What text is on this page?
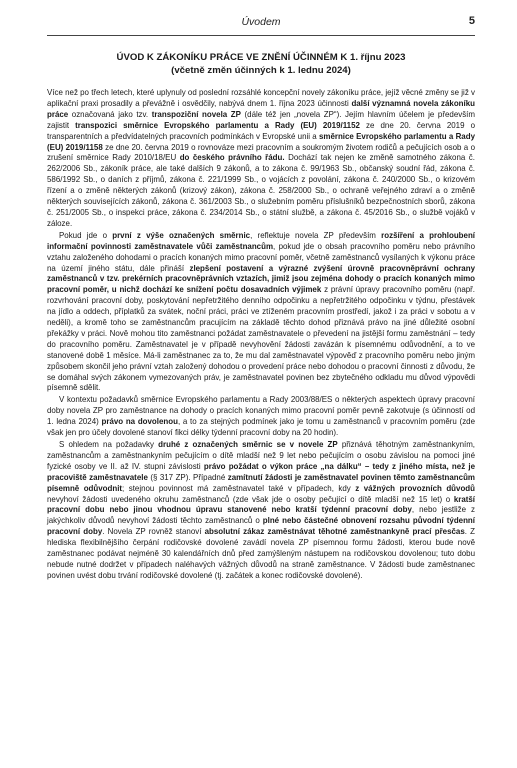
Úvodem	5
ÚVOD K ZÁKONÍKU PRÁCE VE ZNĚNÍ ÚČINNÉM K 1. říjnu 2023
(včetně změn účinných k 1. lednu 2024)

Více než po třech letech, které uplynuly od poslední rozsáhlé koncepční novely zákoníku práce, jejíž věcné změny se již v aplikační praxi prosadily a převážně i osvědčily, nabývá dnem 1. října 2023 účinnosti další významná novela zákoníku práce označovaná jako tzv. transpoziční novela ZP (dále též jen „novela ZP“). Jejím hlavním účelem je především zajistit transpozici směrnice Evropského parlamentu a Rady (EU) 2019/1152 ze dne 20. června 2019 o transparentních a předvídatelných pracovních podmínkách v Evropské unii a směrnice Evropského parlamentu a Rady (EU) 2019/1158 ze dne 20. června 2019 o rovnováze mezi pracovním a soukromým životem rodičů a pečujících osob a o zrušení směrnice Rady 2010/18/EU do českého právního řádu. Dochází tak nejen ke změně samotného zákona č. 262/2006 Sb., zákoník práce, ale také dalších 9 zákonů, a to zákona č. 99/1963 Sb., občanský soudní řád, zákona č. 586/1992 Sb., o daních z příjmů, zákona č. 221/1999 Sb., o vojácích z povolání, zákona č. 240/2000 Sb., o krizovém řízení a o změně některých zákonů (krizový zákon), zákona č. 258/2000 Sb., o ochraně veřejného zdraví a o změně některých souvisejících zákonů, zákona č. 361/2003 Sb., o služebním poměru příslušníků bezpečnostních sborů, zákona č. 251/2005 Sb., o inspekci práce, zákona č. 234/2014 Sb., o státní službě, a zákona č. 45/2016 Sb., o službě vojáků v záloze.

Pokud jde o první z výše označených směrnic, reflektuje novela ZP především rozšíření a prohloubení informační povinnosti zaměstnavatele vůči zaměstnancům, pokud jde o obsah pracovního poměru nebo právního vztahu založeného dohodami o pracích konaných mimo pracovní poměr, včetně zaměstnanců vysílaných k výkonu práce na území jiného státu, dále přináší zlepšení postavení a výrazné zvýšení úrovně pracovněprávní ochrany zaměstnanců v tzv. prekérních pracovněprávních vztazích, jimiž jsou zejména dohody o pracích konaných mimo pracovní poměr, u nichž dochází ke snížení počtu dosavadních výjimek z právní úpravy pracovního poměru (např. rozvrhování pracovní doby, poskytování nepřetržitého denního odpočinku a nepřetržitého odpočinku v týdnu, přestávek na jídlo a oddech, příplatků za svátek, noční práci, práci ve ztíženém pracovním prostředí, jakož i za práci v sobotu a v neděli), a kromě toho se zaměstnancům pracujícím na základě těchto dohod přiznává právo na jiné důležité osobní překážky v práci. Nově mohou tito zaměstnanci požádat zaměstnavatele o převedení na jistější formu zaměstnání – tedy do pracovního poměru. Zaměstnavatel je v případě nevyhovění žádosti zavázán k písemnému odůvodnění, a to ve stanovené době 1 měsíce. Má-li zaměstnanec za to, že mu dal zaměstnavatel výpověď z pracovního poměru nebo jiným způsobem skončil jeho právní vztah založený dohodou o provedení práce nebo dohodou o pracovní činnosti z důvodu, že se domáhal svých zákonem vymezovaných práv, je zaměstnavatel povinen bez zbytečného odkladu mu důvod výpovědi písemně sdělit.

V kontextu požadavků směrnice Evropského parlamentu a Rady 2003/88/ES o některých aspektech úpravy pracovní doby novela ZP pro zaměstnance na dohody o pracích konaných mimo pracovní poměr pevně zakotvuje (s účinností od 1. ledna 2024) právo na dovolenou, a to za stejných podmínek jako je tomu u zaměstnanců v pracovním poměru (zde však jen pro účely dovolené stanoví fikci délky týdenní pracovní doby na 20 hodin).

S ohledem na požadavky druhé z označených směrnic se v novele ZP přiznává těhotným zaměstnankyním, zaměstnancům a zaměstnankyním pečujícím o dítě mladší než 9 let nebo pečujícím o osobu závislou na pomoci jiné fyzické osoby ve II. až IV. stupni závislosti právo požádat o výkon práce „na dálku“ – tedy z jiného místa, než je pracoviště zaměstnavatele (§ 317 ZP). Případné zamítnutí žádosti je zaměstnavatel povinen těmto zaměstnancům písemně odůvodnit; stejnou povinnost má zaměstnavatel také v případech, kdy z vážných provozních důvodů nevyhoví žádosti uvedeného okruhu zaměstnanců (zde však jde o osoby pečující o dítě mladší než 15 let) o kratší pracovní dobu nebo jinou vhodnou úpravu stanovené nebo kratší týdenní pracovní doby, nebo jestliže z jakýchkoliv důvodů nevyhoví žádosti těchto zaměstnanců o plné nebo částečné obnovení rozsahu původní týdenní pracovní doby. Novela ZP rovněž stanoví absolutní zákaz zaměstnávat těhotné zaměstnankyně prací přesčas. Z hlediska flexibilnějšího čerpání rodičovské dovolené zavádí novela ZP písemnou formu žádosti, kterou bude nově zaměstnanec podávat nejméně 30 kalendářních dnů před zamýšleným nástupem na rodičovskou dovolenou; tuto dobu nebude nutné dodržet v případech naléhavých vážných důvodů na straně zaměstnance. V žádosti bude zaměstnanec povinen uvést dobu trvání rodičovské dovolené (tj. začátek a konec rodičovské dovolené).
